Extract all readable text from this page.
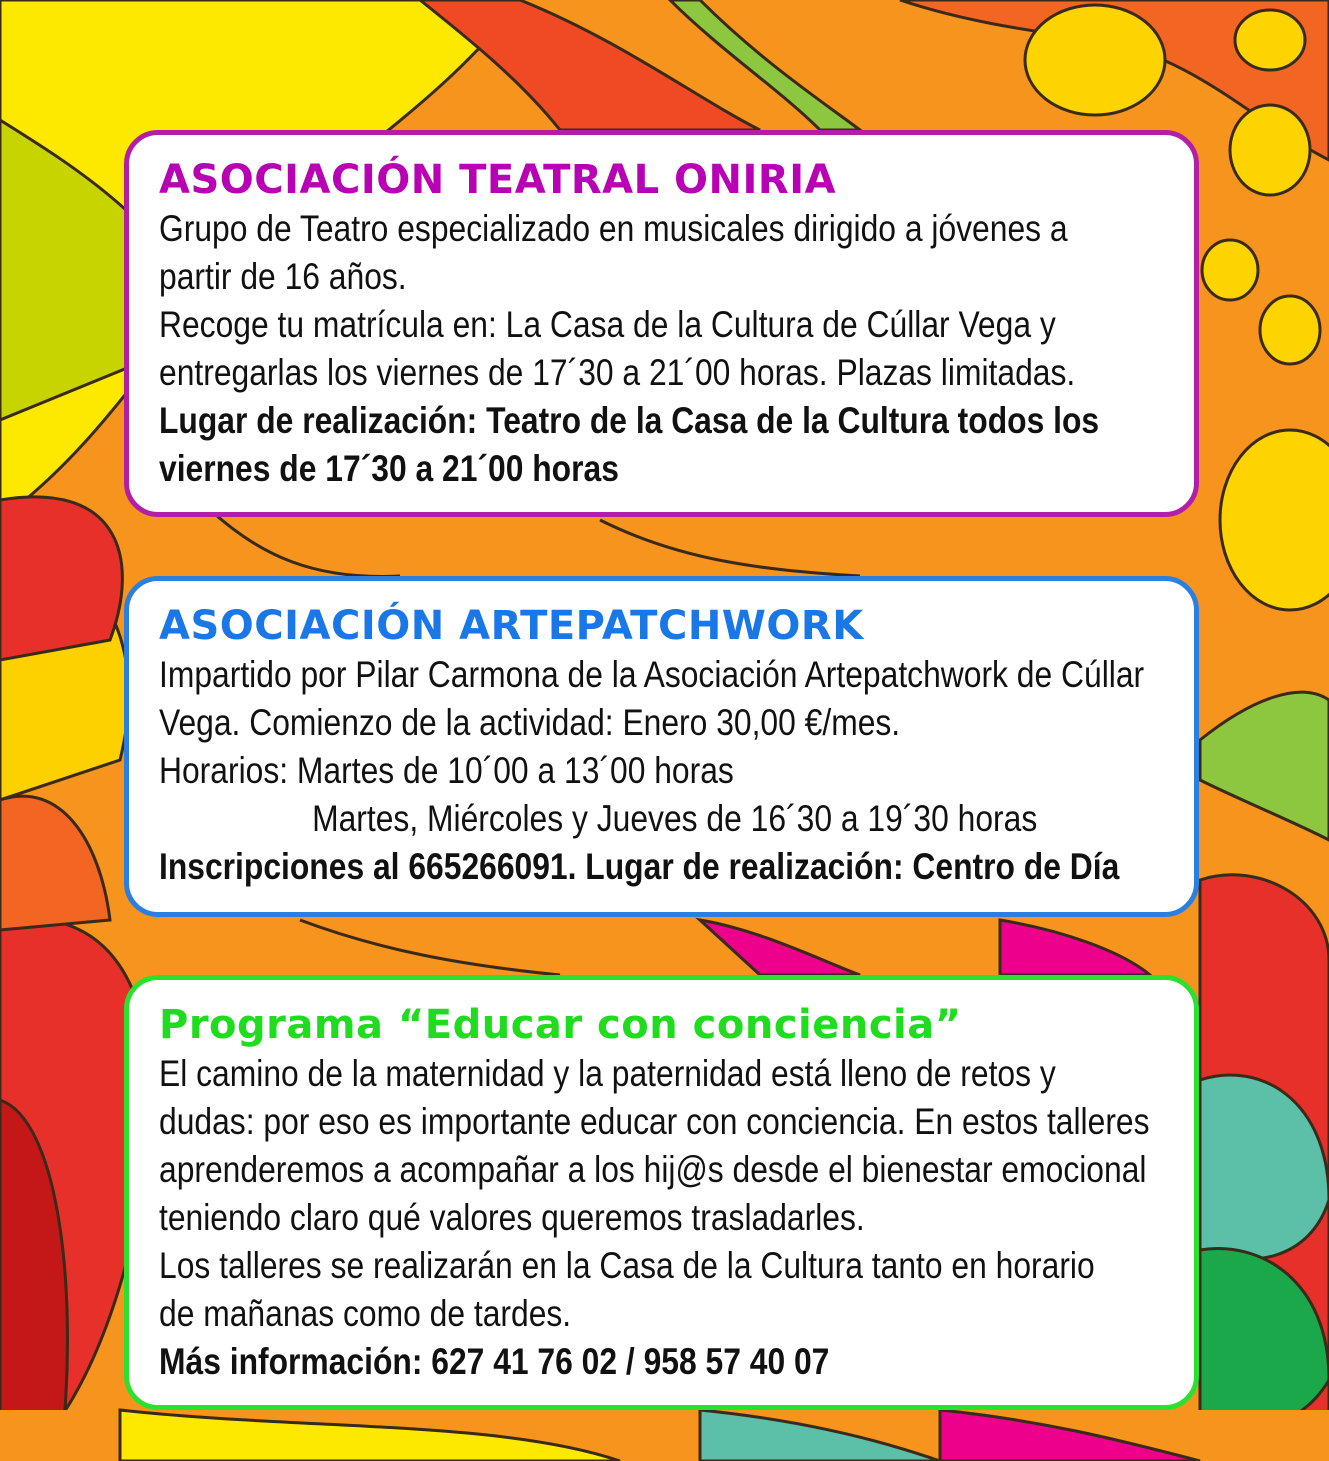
ASOCIACIÓN TEATRAL ONIRIA

Grupo de Teatro especializado en musicales dirigido a jóvenes a

partir de 16 años.

Recoge tu matrícula en: La Casa de la Cultura de Cúllar Vega y

entregarlas los viernes de 17´30 a 21´00 horas. Plazas limitadas.

Lugar de realización: Teatro de la Casa de la Cultura todos los

viernes de 17´30 a 21´00 horas

ASOCIACIÓN ARTEPATCHWORK

Impartido por Pilar Carmona de la Asociación Artepatchwork de Cúllar

Vega. Comienzo de la actividad: Enero 30,00 €/mes.

Horarios: Martes de 10´00 a 13´00 horas

Martes, Miércoles y Jueves de 16´30 a 19´30 horas

Inscripciones al 665266091. Lugar de realización: Centro de Día

Programa “Educar con conciencia”

El camino de la maternidad y la paternidad está lleno de retos y

dudas: por eso es importante educar con conciencia. En estos talleres

aprenderemos a acompañar a los hij@s desde el bienestar emocional

teniendo claro qué valores queremos trasladarles.

Los talleres se realizarán en la Casa de la Cultura tanto en horario

de mañanas como de tardes.

Más información: 627 41 76 02 / 958 57 40 07
